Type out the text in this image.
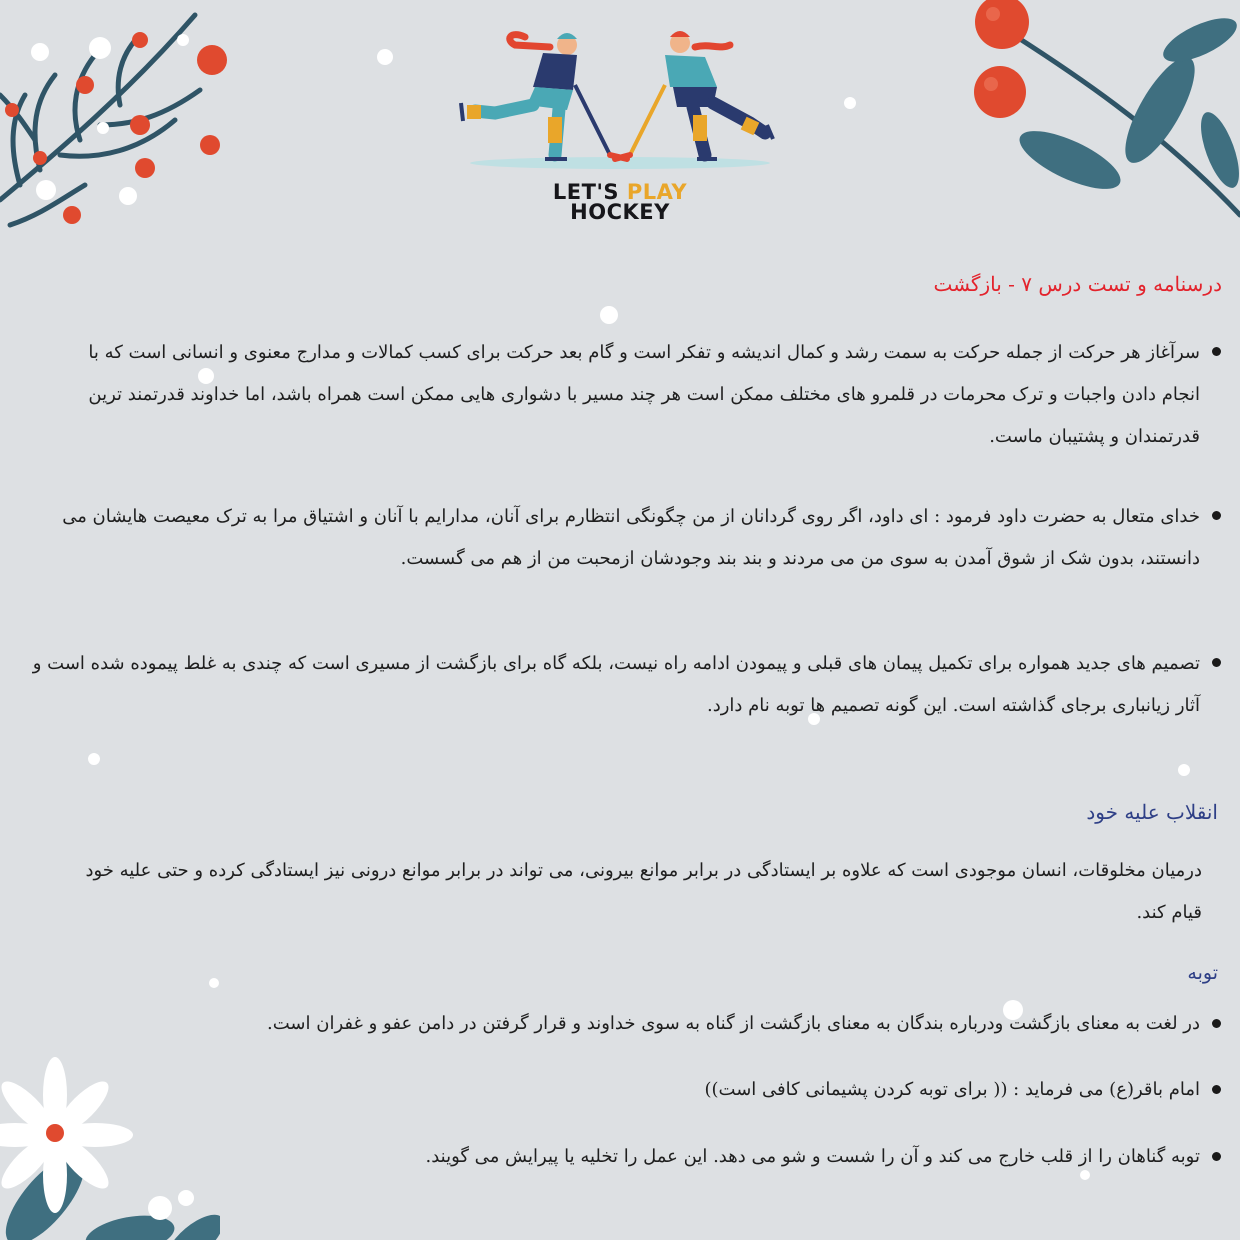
LET'S PLAY
HOCKEY
درسنامه و تست درس ۷ - بازگشت
سرآغاز هر حرکت از جمله حرکت به سمت رشد و کمال اندیشه و تفکر است و گام بعد حرکت برای کسب کمالات و مدارج معنوی و انسانی است که با انجام دادن واجبات و ترک محرمات در قلمرو های مختلف ممکن است هر چند مسیر با دشواری هایی ممکن است همراه باشد، اما خداوند قدرتمند ترین قدرتمندان و پشتیبان ماست.
خدای متعال به حضرت داود فرمود : ای داود، اگر روی گردانان از من چگونگی انتظارم برای آنان، مدارایم با آنان و اشتیاق مرا به ترک معیصت هایشان می دانستند، بدون شک از شوق آمدن به سوی من می مردند و بند بند وجودشان ازمحبت من از هم می گسست.
تصمیم های جدید همواره برای تکمیل پیمان های قبلی و پیمودن ادامه راه نیست، بلکه گاه برای بازگشت از مسیری است که چندی به غلط پیموده شده است و آثار زیانباری برجای گذاشته است. این گونه تصمیم ها توبه نام دارد.
انقلاب علیه خود
درمیان مخلوقات، انسان موجودی است که علاوه بر ایستادگی در برابر موانع بیرونی، می تواند در برابر موانع درونی نیز ایستادگی کرده و حتی علیه خود قیام کند.
توبه
در لغت به معنای بازگشت ودرباره بندگان به معنای بازگشت از گناه به سوی خداوند و قرار گرفتن در دامن عفو و غفران است.
امام باقر(ع) می فرماید : (( برای توبه کردن پشیمانی کافی است))
توبه گناهان را از قلب خارج می کند و آن را شست و شو می دهد. این عمل را تخلیه یا پیرایش می گویند.
